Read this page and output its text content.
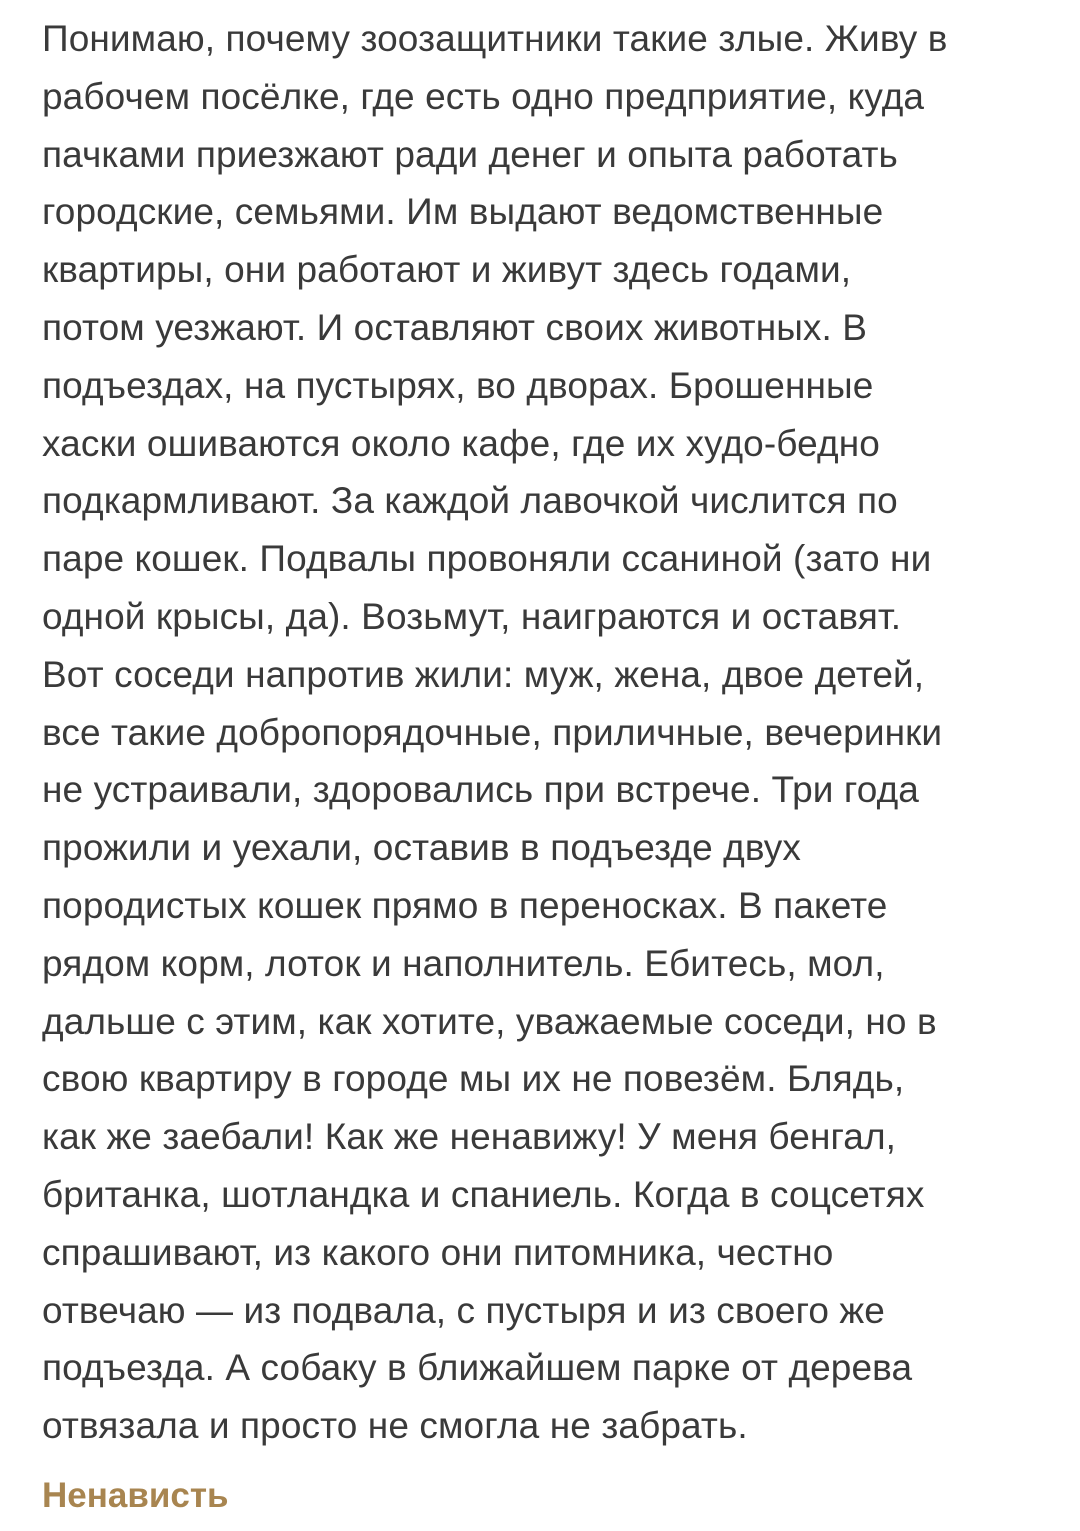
Понимаю, почему зоозащитники такие злые. Живу в
рабочем посёлке, где есть одно предприятие, куда
пачками приезжают ради денег и опыта работать
городские, семьями. Им выдают ведомственные
квартиры, они работают и живут здесь годами,
потом уезжают. И оставляют своих животных. В
подъездах, на пустырях, во дворах. Брошенные
хаски ошиваются около кафе, где их худо-бедно
подкармливают. За каждой лавочкой числится по
паре кошек. Подвалы провоняли ссаниной (зато ни
одной крысы, да). Возьмут, наиграются и оставят.
Вот соседи напротив жили: муж, жена, двое детей,
все такие добропорядочные, приличные, вечеринки
не устраивали, здоровались при встрече. Три года
прожили и уехали, оставив в подъезде двух
породистых кошек прямо в переносках. В пакете
рядом корм, лоток и наполнитель. Ебитесь, мол,
дальше с этим, как хотите, уважаемые соседи, но в
свою квартиру в городе мы их не повезём. Блядь,
как же заебали! Как же ненавижу! У меня бенгал,
британка, шотландка и спаниель. Когда в соцсетях
спрашивают, из какого они питомника, честно
отвечаю — из подвала, с пустыря и из своего же
подъезда. А собаку в ближайшем парке от дерева
отвязала и просто не смогла не забрать.
Ненависть
